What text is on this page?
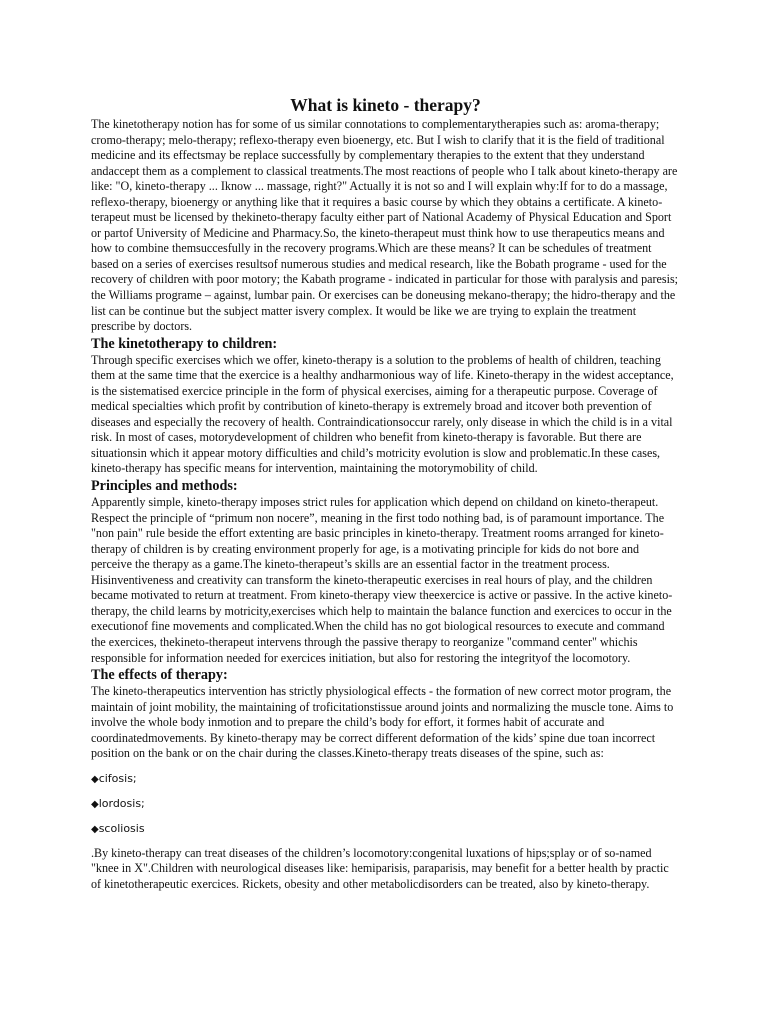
What is kineto - therapy?

The kinetotherapy notion has for some of us similar connotations to complementarytherapies such as: aroma-therapy; cromo-therapy; melo-therapy; reflexo-therapy even bioenergy, etc. But I wish to clarify that it is the field of traditional medicine and its effectsmay be replace successfully by complementary therapies to the extent that they understand andaccept them as a complement to classical treatments.The most reactions of people who I talk about kineto-therapy are like: "O, kineto-therapy ... Iknow ... massage, right?" Actually it is not so and I will explain why:If for to do a massage, reflexo-therapy, bioenergy or anything like that it requires a basic course by which they obtains a certificate. A kineto-terapeut must be licensed by thekineto-therapy faculty either part of National Academy of Physical Education and Sport or partof University of Medicine and Pharmacy.So, the kineto-therapeut must think how to use therapeutics means and how to combine themsuccesfully in the recovery programs.Which are these means? It can be schedules of treatment based on a series of exercises resultsof numerous studies and medical research, like the Bobath programe - used for the recovery of children with poor motory; the Kabath programe - indicated in particular for those with paralysis and paresis; the Williams programe – against, lumbar pain. Or exercises can be doneusing mekano-therapy; the hidro-therapy and the list can be continue but the subject matter isvery complex. It would be like we are trying to explain the treatment prescribe by doctors.

The kinetotherapy to children:

Through specific exercises which we offer, kineto-therapy is a solution to the problems of health of children, teaching them at the same time that the exercice is a healthy andharmonious way of life. Kineto-therapy in the widest acceptance, is the sistematised exercice principle in the form of physical exercises, aiming for a therapeutic purpose. Coverage of medical specialties which profit by contribution of kineto-therapy is extremely broad and itcover both prevention of diseases and especially the recovery of health. Contraindicationsoccur rarely, only disease in which the child is in a vital risk. In most of cases, motorydevelopment of children who benefit from kineto-therapy is favorable. But there are situationsin which it appear motory difficulties and child’s motricity evolution is slow and problematic.In these cases, kineto-therapy has specific means for intervention, maintaining the motorymobility of child.

Principles and methods:

Apparently simple, kineto-therapy imposes strict rules for application which depend on childand on kineto-therapeut. Respect the principle of “primum non nocere”, meaning in the first todo nothing bad, is of paramount importance. The "non pain" rule beside the effort extenting are basic principles in kineto-therapy. Treatment rooms arranged for kineto-therapy of children is by creating environment properly for age, is a motivating principle for kids do not bore and perceive the therapy as a game.The kineto-therapeut’s skills are an essential factor in the treatment process. Hisinventiveness and creativity can transform the kineto-therapeutic exercises in real hours of play, and the children became motivated to return at treatment. From kineto-therapy view theexercice is active or passive. In the active kineto-therapy, the child learns by motricity,exercises which help to maintain the balance function and exercices to occur in the executionof fine movements and complicated.When the child has no got biological resources to execute and command the exercices, thekineto-therapeut intervens through the passive therapy to reorganize "command center" whichis responsible for information needed for exercices initiation, but also for restoring the integrityof the locomotory.

The effects of therapy:

The kineto-therapeutics intervention has strictly physiological effects - the formation of new correct motor program, the maintain of joint mobility, the maintaining of troficitationstissue around joints and normalizing the muscle tone. Aims to involve the whole body inmotion and to prepare the child’s body for effort, it formes habit of accurate and coordinatedmovements. By kineto-therapy may be correct different deformation of the kids’ spine due toan incorrect position on the bank or on the chair during the classes.Kineto-therapy treats diseases of the spine, such as:

◆cifosis;

◆lordosis;

◆scoliosis

.By kineto-therapy can treat diseases of the children’s locomotory:congenital luxations of hips;splay or of so-named "knee in X".Children with neurological diseases like: hemiparisis, paraparisis, may benefit for a better health by practic of kinetotherapeutic exercices. Rickets, obesity and other metabolicdisorders can be treated, also by kineto-therapy.
